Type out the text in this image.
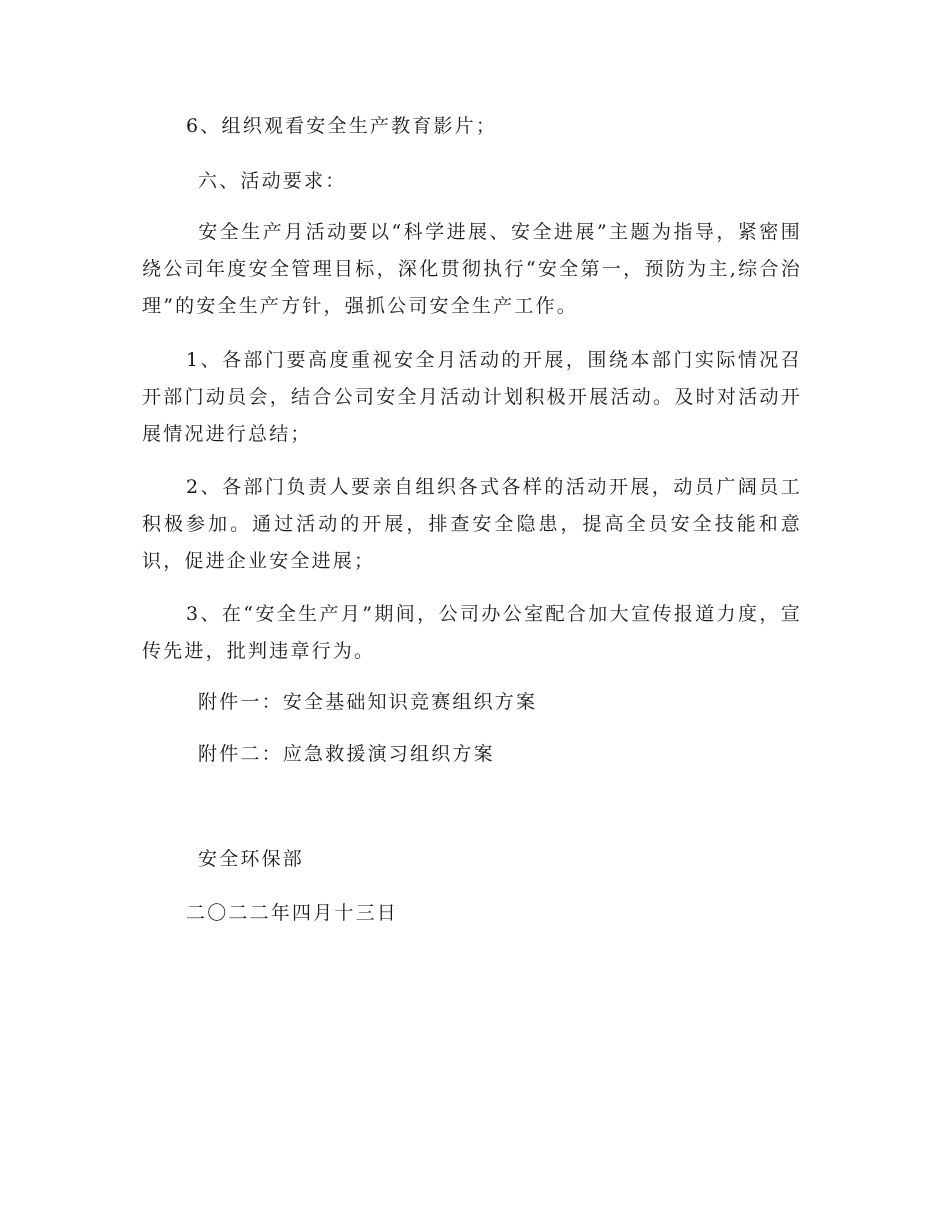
6、组织观看安全生产教育影片；
六、活动要求：
安全生产月活动要以“科学进展、安全进展”主题为指导，紧密围绕公司年度安全管理目标，深化贯彻执行“安全第一，预防为主,综合治理”的安全生产方针，强抓公司安全生产工作。
1、各部门要高度重视安全月活动的开展，围绕本部门实际情况召开部门动员会，结合公司安全月活动计划积极开展活动。及时对活动开展情况进行总结；
2、各部门负责人要亲自组织各式各样的活动开展，动员广阔员工积极参加。通过活动的开展，排查安全隐患，提高全员安全技能和意识，促进企业安全进展；
3、在“安全生产月”期间，公司办公室配合加大宣传报道力度，宣传先进，批判违章行为。
附件一：安全基础知识竞赛组织方案
附件二：应急救援演习组织方案
安全环保部
二〇二二年四月十三日
